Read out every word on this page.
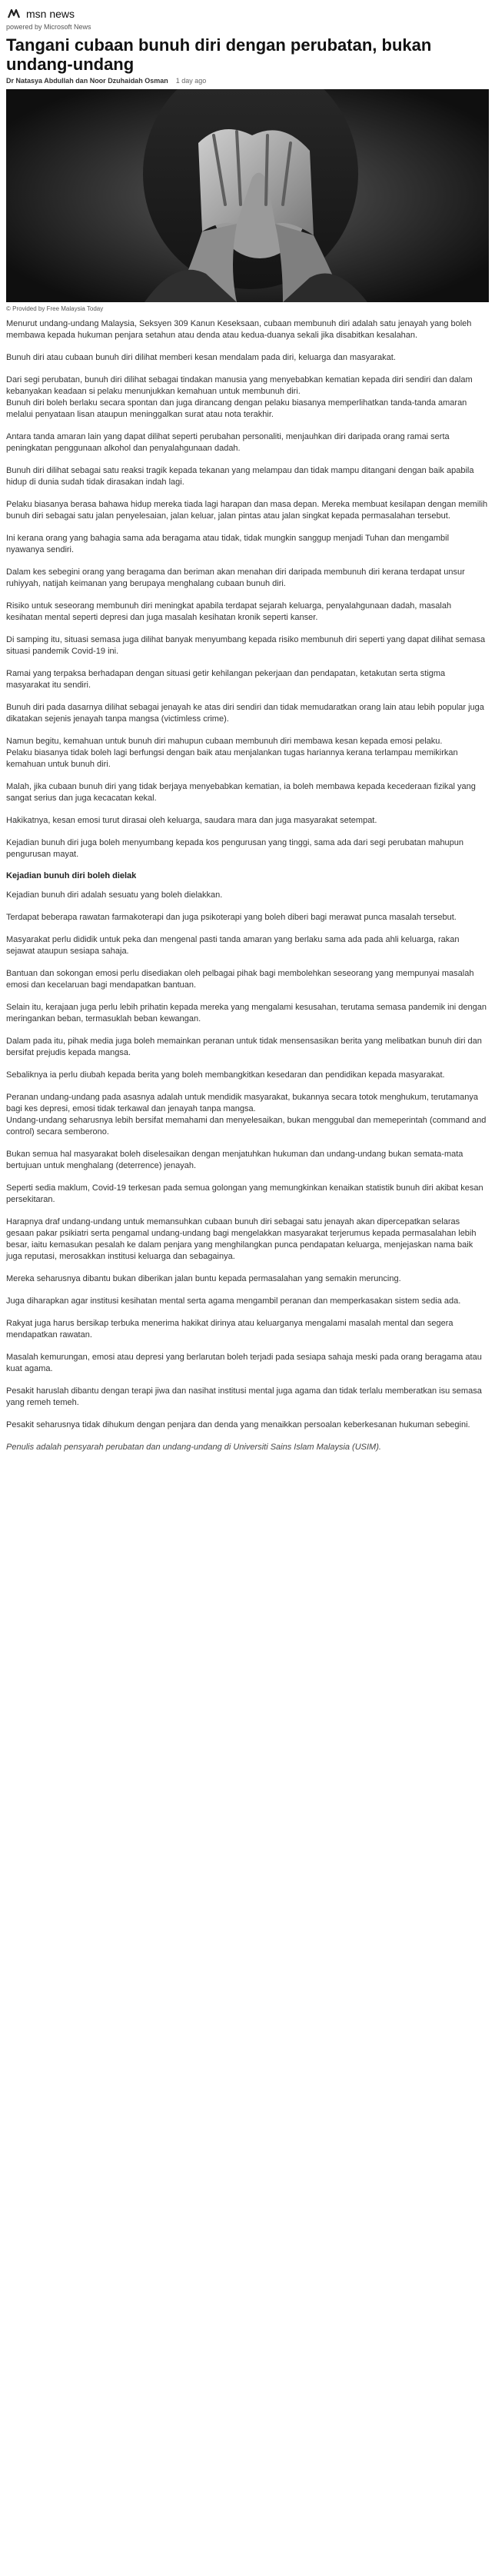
msn news
powered by Microsoft News
Tangani cubaan bunuh diri dengan perubatan, bukan undang-undang
Dr Natasya Abdullah dan Noor Dzuhaidah Osman 1 day ago
© Provided by Free Malaysia Today

Menurut undang-undang Malaysia, Seksyen 309 Kanun Keseksaan, cubaan membunuh diri adalah satu jenayah yang boleh membawa kepada hukuman penjara setahun atau denda atau kedua-duanya sekali jika disabitkan kesalahan.

Bunuh diri atau cubaan bunuh diri dilihat memberi kesan mendalam pada diri, keluarga dan masyarakat.

Dari segi perubatan, bunuh diri dilihat sebagai tindakan manusia yang menyebabkan kematian kepada diri sendiri dan dalam kebanyakan keadaan si pelaku menunjukkan kemahuan untuk membunuh diri.
Bunuh diri boleh berlaku secara spontan dan juga dirancang dengan pelaku biasanya memperlihatkan tanda-tanda amaran melalui penyataan lisan ataupun meninggalkan surat atau nota terakhir.

Antara tanda amaran lain yang dapat dilihat seperti perubahan personaliti, menjauhkan diri daripada orang ramai serta peningkatan penggunaan alkohol dan penyalahgunaan dadah.

Bunuh diri dilihat sebagai satu reaksi tragik kepada tekanan yang melampau dan tidak mampu ditangani dengan baik apabila hidup di dunia sudah tidak dirasakan indah lagi.

Pelaku biasanya berasa bahawa hidup mereka tiada lagi harapan dan masa depan. Mereka membuat kesilapan dengan memilih bunuh diri sebagai satu jalan penyelesaian, jalan keluar, jalan pintas atau jalan singkat kepada permasalahan tersebut.

Ini kerana orang yang bahagia sama ada beragama atau tidak, tidak mungkin sanggup menjadi Tuhan dan mengambil nyawanya sendiri.

Dalam kes sebegini orang yang beragama dan beriman akan menahan diri daripada membunuh diri kerana terdapat unsur ruhiyyah, natijah keimanan yang berupaya menghalang cubaan bunuh diri.

Risiko untuk seseorang membunuh diri meningkat apabila terdapat sejarah keluarga, penyalahgunaan dadah, masalah kesihatan mental seperti depresi dan juga masalah kesihatan kronik seperti kanser.

Di samping itu, situasi semasa juga dilihat banyak menyumbang kepada risiko membunuh diri seperti yang dapat dilihat semasa situasi pandemik Covid-19 ini.

Ramai yang terpaksa berhadapan dengan situasi getir kehilangan pekerjaan dan pendapatan, ketakutan serta stigma masyarakat itu sendiri.

Bunuh diri pada dasarnya dilihat sebagai jenayah ke atas diri sendiri dan tidak memudaratkan orang lain atau lebih popular juga dikatakan sejenis jenayah tanpa mangsa (victimless crime).

Namun begitu, kemahuan untuk bunuh diri mahupun cubaan membunuh diri membawa kesan kepada emosi pelaku.
Pelaku biasanya tidak boleh lagi berfungsi dengan baik atau menjalankan tugas hariannya kerana terlampau memikirkan kemahuan untuk bunuh diri.

Malah, jika cubaan bunuh diri yang tidak berjaya menyebabkan kematian, ia boleh membawa kepada kecederaan fizikal yang sangat serius dan juga kecacatan kekal.

Hakikatnya, kesan emosi turut dirasai oleh keluarga, saudara mara dan juga masyarakat setempat.

Kejadian bunuh diri juga boleh menyumbang kepada kos pengurusan yang tinggi, sama ada dari segi perubatan mahupun pengurusan mayat.

Kejadian bunuh diri boleh dielak

Kejadian bunuh diri adalah sesuatu yang boleh dielakkan.

Terdapat beberapa rawatan farmakoterapi dan juga psikoterapi yang boleh diberi bagi merawat punca masalah tersebut.

Masyarakat perlu dididik untuk peka dan mengenal pasti tanda amaran yang berlaku sama ada pada ahli keluarga, rakan sejawat ataupun sesiapa sahaja.

Bantuan dan sokongan emosi perlu disediakan oleh pelbagai pihak bagi membolehkan seseorang yang mempunyai masalah emosi dan kecelaruan bagi mendapatkan bantuan.

Selain itu, kerajaan juga perlu lebih prihatin kepada mereka yang mengalami kesusahan, terutama semasa pandemik ini dengan meringankan beban, termasuklah beban kewangan.

Dalam pada itu, pihak media juga boleh memainkan peranan untuk tidak mensensasikan berita yang melibatkan bunuh diri dan bersifat prejudis kepada mangsa.

Sebaliknya ia perlu diubah kepada berita yang boleh membangkitkan kesedaran dan pendidikan kepada masyarakat.

Peranan undang-undang pada asasnya adalah untuk mendidik masyarakat, bukannya secara totok menghukum, terutamanya bagi kes depresi, emosi tidak terkawal dan jenayah tanpa mangsa.
Undang-undang seharusnya lebih bersifat memahami dan menyelesaikan, bukan menggubal dan memeperintah (command and control) secara semberono.

Bukan semua hal masyarakat boleh diselesaikan dengan menjatuhkan hukuman dan undang-undang bukan semata-mata bertujuan untuk menghalang (deterrence) jenayah.

Seperti sedia maklum, Covid-19 terkesan pada semua golongan yang memungkinkan kenaikan statistik bunuh diri akibat kesan persekitaran.

Harapnya draf undang-undang untuk memansuhkan cubaan bunuh diri sebagai satu jenayah akan dipercepatkan selaras gesaan pakar psikiatri serta pengamal undang-undang bagi mengelakkan masyarakat terjerumus kepada permasalahan lebih besar, iaitu kemasukan pesalah ke dalam penjara yang menghilangkan punca pendapatan keluarga, menjejaskan nama baik juga reputasi, merosakkan institusi keluarga dan sebagainya.

Mereka seharusnya dibantu bukan diberikan jalan buntu kepada permasalahan yang semakin meruncing.

Juga diharapkan agar institusi kesihatan mental serta agama mengambil peranan dan memperkasakan sistem sedia ada.

Rakyat juga harus bersikap terbuka menerima hakikat dirinya atau keluarganya mengalami masalah mental dan segera mendapatkan rawatan.

Masalah kemurungan, emosi atau depresi yang berlarutan boleh terjadi pada sesiapa sahaja meski pada orang beragama atau kuat agama.

Pesakit haruslah dibantu dengan terapi jiwa dan nasihat institusi mental juga agama dan tidak terlalu memberatkan isu semasa yang remeh temeh.

Pesakit seharusnya tidak dihukum dengan penjara dan denda yang menaikkan persoalan keberkesanan hukuman sebegini.

Penulis adalah pensyarah perubatan dan undang-undang di Universiti Sains Islam Malaysia (USIM).
